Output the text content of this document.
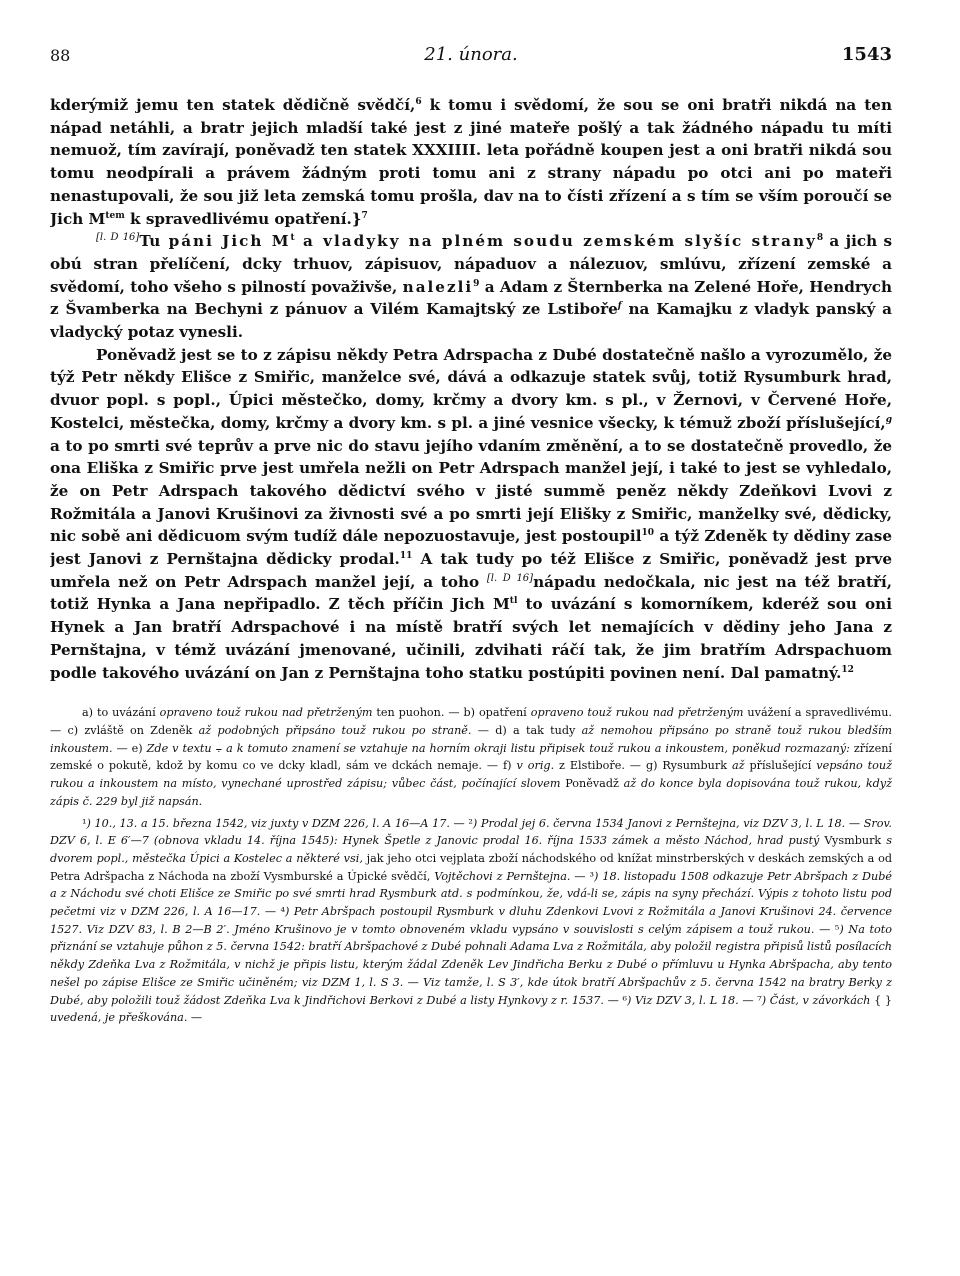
88	21. února.	1543

kderýmiž jemu ten statek dědičně svědčí,$^6$ k tomu i svědomí, že sou se oni bratři nikdá na ten nápad netáhli, a bratr jejich mladší také jest z jiné mateře pošlý a tak žádného nápadu tu míti nemuož, tím zavírají, poněvadž ten statek XXXIIII. leta pořádně koupen jest a oni bratři nikdá sou tomu neodpírali a právem žádným proti tomu ani z strany nápadu po otci ani po mateři nenastupovali, že sou již leta zemská tomu prošla, dav na to čísti zřízení a s tím se vším poroučí se Jich $M^{tem}$ k spravedlivému opatření.}$^7$

[l. D 16]Tu páni Jich $M^t$ a vladyky na plném soudu zemském slyšíc strany$^8$ a jich s obú stran přelíčení, dcky trhuov, zápisuov, nápaduov a nálezuov, smlúvu, zřízení zemské a svědomí, toho všeho s pilností považivše, nalezli$^9$ a Adam z Šternberka na Zelené Hoře, Hendrych z Švamberka na Bechyni z pánuov a Vilém Kamajtský ze Lstiboře$^f$ na Kamajku z vladyk panský a vladycký potaz vynesli.

Poněvadž jest se to z zápisu někdy Petra Adrspacha z Dubé dostatečně našlo a vyrozumělo, že týž Petr někdy Elišce z Smiřic, manželce své, dává a odkazuje statek svůj, totiž Rysumburk hrad, dvuor popl. s popl., Úpici městečko, domy, krčmy a dvory km. s pl., v Žernovi, v Červené Hoře, Kostelci, městečka, domy, krčmy a dvory km. s pl. a jiné vesnice všecky, k témuž zboží příslušející,$^g$ a to po smrti své teprův a prve nic do stavu jejího vdaním změnění, a to se dostatečně provedlo, že ona Eliška z Smiřic prve jest umřela nežli on Petr Adrspach manžel její, i také to jest se vyhledalo, že on Petr Adrspach takového dědictví svého v jisté summě peněz někdy Zdeňkovi Lvovi z Rožmitála a Janovi Krušinovi za živnosti své a po smrti její Elišky z Smiřic, manželky své, dědicky, nic sobě ani dědicuom svým tudíž dále nepozuostavuje, jest postoupil$^{10}$ a týž Zdeněk ty dědiny zase jest Janovi z Pernštajna dědicky prodal.$^{11}$ A tak tudy po též Elišce z Smiřic, poněvadž jest prve umřela než on Petr Adrspach manžel její, a toho [l. D 16]nápadu nedočkala, nic jest na též bratří, totiž Hynka a Jana nepřipadlo. Z těch příčin Jich $M^{tl}$ to uvázání s komorníkem, kderéž sou oni Hynek a Jan bratří Adrspachové i na místě bratří svých let nemajících v dědiny jeho Jana z Pernštajna, v témž uvázání jmenované, učinili, zdvihati ráčí tak, že jim bratřím Adrspachuom podle takového uvázání on Jan z Pernštajna toho statku postúpiti povinen není. Dal pamatný.$^{12}$

a) to uvázání opraveno touž rukou nad přetrženým ten puohon. — b) opatření opraveno touž rukou nad přetrženým uvážení a spravedlivému. — c) zvláště on Zdeněk až podobných připsáno touž rukou po straně. — d) a tak tudy až nemohou připsáno po straně touž rukou bledším inkoustem. — e) Zde v textu ⨪ a k tomuto znamení se vztahuje na horním okraji listu připisek touž rukou a inkoustem, poněkud rozmazaný: zřízení zemské o pokutě, kdož by komu co ve dcky kladl, sám ve dckách nemaje. — f) v orig. z Elstiboře. — g) Rysumburk až příslušející vepsáno touž rukou a inkoustem na místo, vynechané uprostřed zápisu; vůbec část, počínající slovem Poněvadž až do konce byla dopisována touž rukou, když zápis č. 229 byl již napsán.

¹) 10., 13. a 15. března 1542, viz juxty v DZM 226, l. A 16—A 17. — ²) Prodal jej 6. června 1534 Janovi z Pernštejna, viz DZV 3, l. L 18. — Srov. DZV 6, l. E 6′—7 (obnova vkladu 14. října 1545): Hynek Špetle z Janovic prodal 16. října 1533 zámek a město Náchod, hrad pustý Vysmburk s dvorem popl., městečka Úpici a Kostelec a některé vsi, jak jeho otci vejplata zboží náchodského od knížat minstrberských v deskách zemských a od Petra Adršpacha z Náchoda na zboží Vysmburské a Úpické svědčí, Vojtěchovi z Pernštejna. — ³) 18. listopadu 1508 odkazuje Petr Abršpach z Dubé a z Náchodu své choti Elišce ze Smiřic po své smrti hrad Rysmburk atd. s podmínkou, že, vdá-li se, zápis na syny přechází. Výpis z tohoto listu pod pečetmi viz v DZM 226, l. A 16—17. — ⁴) Petr Abršpach postoupil Rysmburk v dluhu Zdenkovi Lvovi z Rožmitála a Janovi Krušinovi 24. července 1527. Viz DZV 83, l. B 2—B 2′. Jméno Krušinovo je v tomto obnoveném vkladu vypsáno v souvislosti s celým zápisem a touž rukou. — ⁵) Na toto přiznání se vztahuje půhon z 5. června 1542: bratří Abršpachové z Dubé pohnali Adama Lva z Rožmitála, aby položil registra připisů listů posílacích někdy Zdeňka Lva z Rožmitála, v nichž je připis listu, kterým žádal Zdeněk Lev Jindřicha Berku z Dubé o přímluvu u Hynka Abršpacha, aby tento nešel po zápise Elišce ze Smiřic učiněném; viz DZM 1, l. S 3. — Viz tamže, l. S 3′, kde útok bratří Abršpachův z 5. června 1542 na bratry Berky z Dubé, aby položili touž žádost Zdeňka Lva k Jindřichovi Berkovi z Dubé a listy Hynkovy z r. 1537. — ⁶) Viz DZV 3, l. L 18. — ⁷) Část, v závorkách { } uvedená, je přeškována. —
